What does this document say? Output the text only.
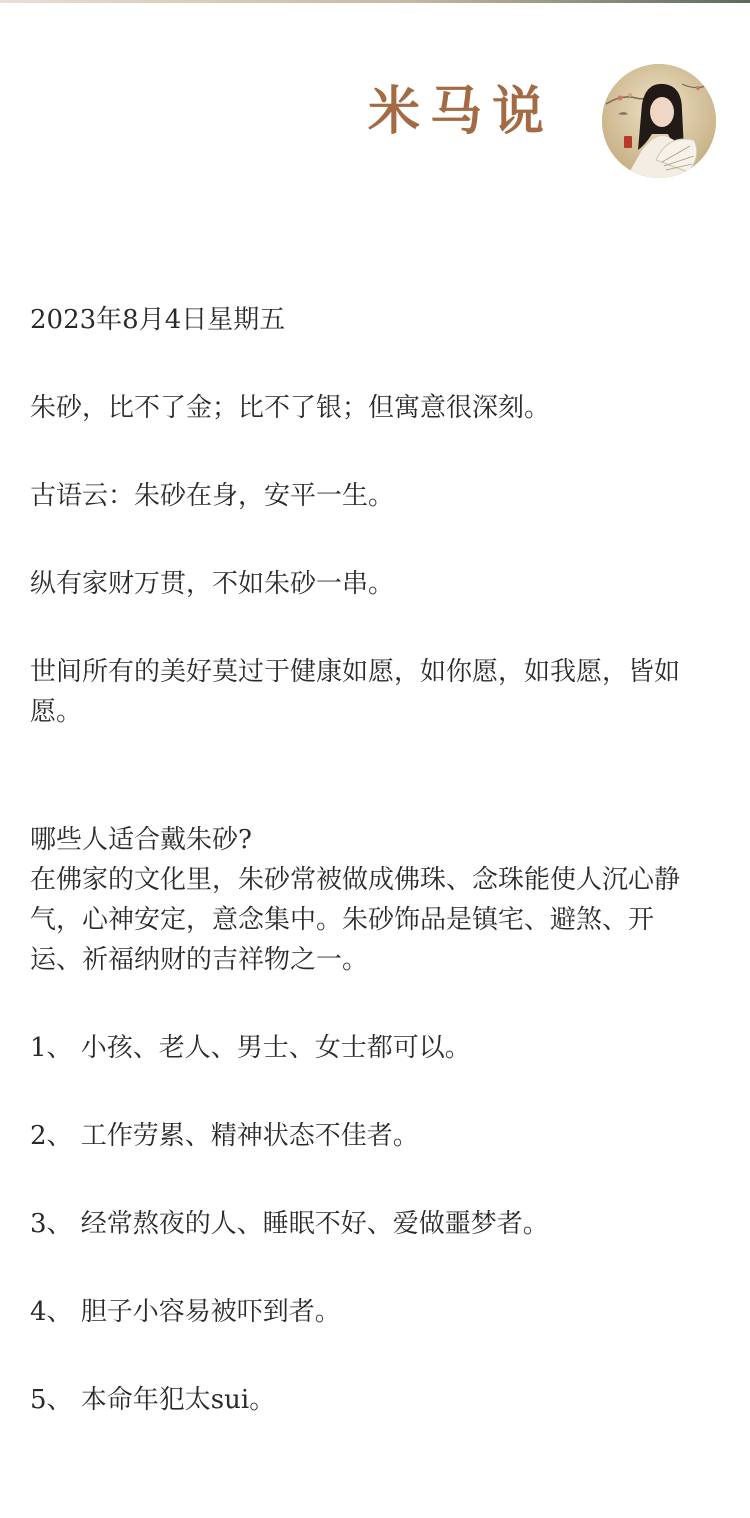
米马说

2023年8月4日星期五

朱砂，比不了金；比不了银；但寓意很深刻。

古语云：朱砂在身，安平一生。

纵有家财万贯，不如朱砂一串。

世间所有的美好莫过于健康如愿，如你愿，如我愿，皆如愿。

哪些人适合戴朱砂?

在佛家的文化里，朱砂常被做成佛珠、念珠能使人沉心静气，心神安定，意念集中。朱砂饰品是镇宅、避煞、开运、祈福纳财的吉祥物之一。

1、 小孩、老人、男士、女士都可以。

2、 工作劳累、精神状态不佳者。

3、 经常熬夜的人、睡眠不好、爱做噩梦者。

4、 胆子小容易被吓到者。

5、 本命年犯太sui。
